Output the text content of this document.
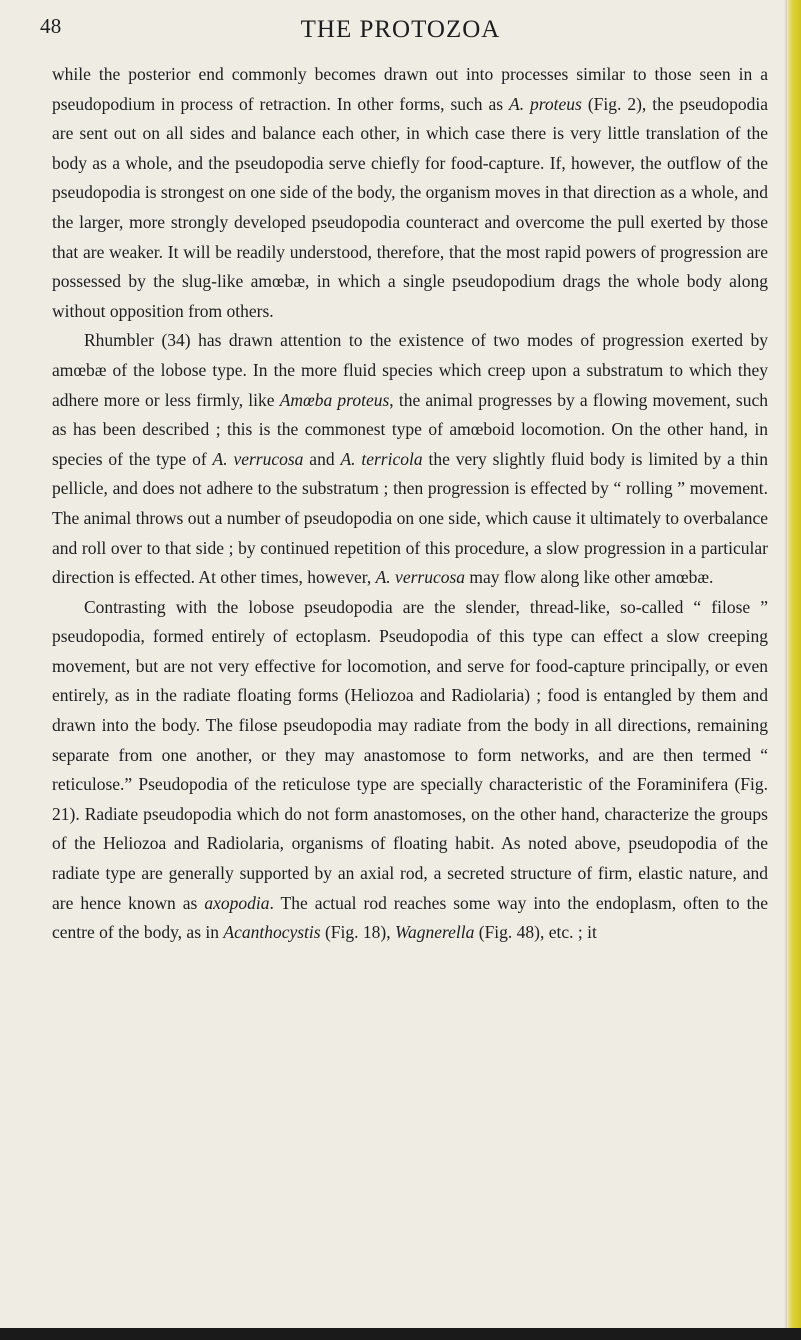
48	THE PROTOZOA

while the posterior end commonly becomes drawn out into processes similar to those seen in a pseudopodium in process of retraction. In other forms, such as A. proteus (Fig. 2), the pseudopodia are sent out on all sides and balance each other, in which case there is very little translation of the body as a whole, and the pseudopodia serve chiefly for food-capture. If, however, the outflow of the pseudopodia is strongest on one side of the body, the organism moves in that direction as a whole, and the larger, more strongly developed pseudopodia counteract and overcome the pull exerted by those that are weaker. It will be readily understood, therefore, that the most rapid powers of progression are possessed by the slug-like amœbæ, in which a single pseudopodium drags the whole body along without opposition from others.

Rhumbler (34) has drawn attention to the existence of two modes of progression exerted by amœbæ of the lobose type. In the more fluid species which creep upon a substratum to which they adhere more or less firmly, like Amœba proteus, the animal progresses by a flowing movement, such as has been described ; this is the commonest type of amœboid locomotion. On the other hand, in species of the type of A. verrucosa and A. terricola the very slightly fluid body is limited by a thin pellicle, and does not adhere to the substratum ; then progression is effected by “ rolling ” movement. The animal throws out a number of pseudopodia on one side, which cause it ultimately to overbalance and roll over to that side ; by continued repetition of this procedure, a slow progression in a particular direction is effected. At other times, however, A. verrucosa may flow along like other amœbæ.

Contrasting with the lobose pseudopodia are the slender, thread-like, so-called “ filose ” pseudopodia, formed entirely of ectoplasm. Pseudopodia of this type can effect a slow creeping movement, but are not very effective for locomotion, and serve for food-capture principally, or even entirely, as in the radiate floating forms (Heliozoa and Radiolaria) ; food is entangled by them and drawn into the body. The filose pseudopodia may radiate from the body in all directions, remaining separate from one another, or they may anastomose to form networks, and are then termed “ reticulose.” Pseudopodia of the reticulose type are specially characteristic of the Foraminifera (Fig. 21). Radiate pseudopodia which do not form anastomoses, on the other hand, characterize the groups of the Heliozoa and Radiolaria, organisms of floating habit. As noted above, pseudopodia of the radiate type are generally supported by an axial rod, a secreted structure of firm, elastic nature, and are hence known as axopodia. The actual rod reaches some way into the endoplasm, often to the centre of the body, as in Acanthocystis (Fig. 18), Wagnerella (Fig. 48), etc. ; it
